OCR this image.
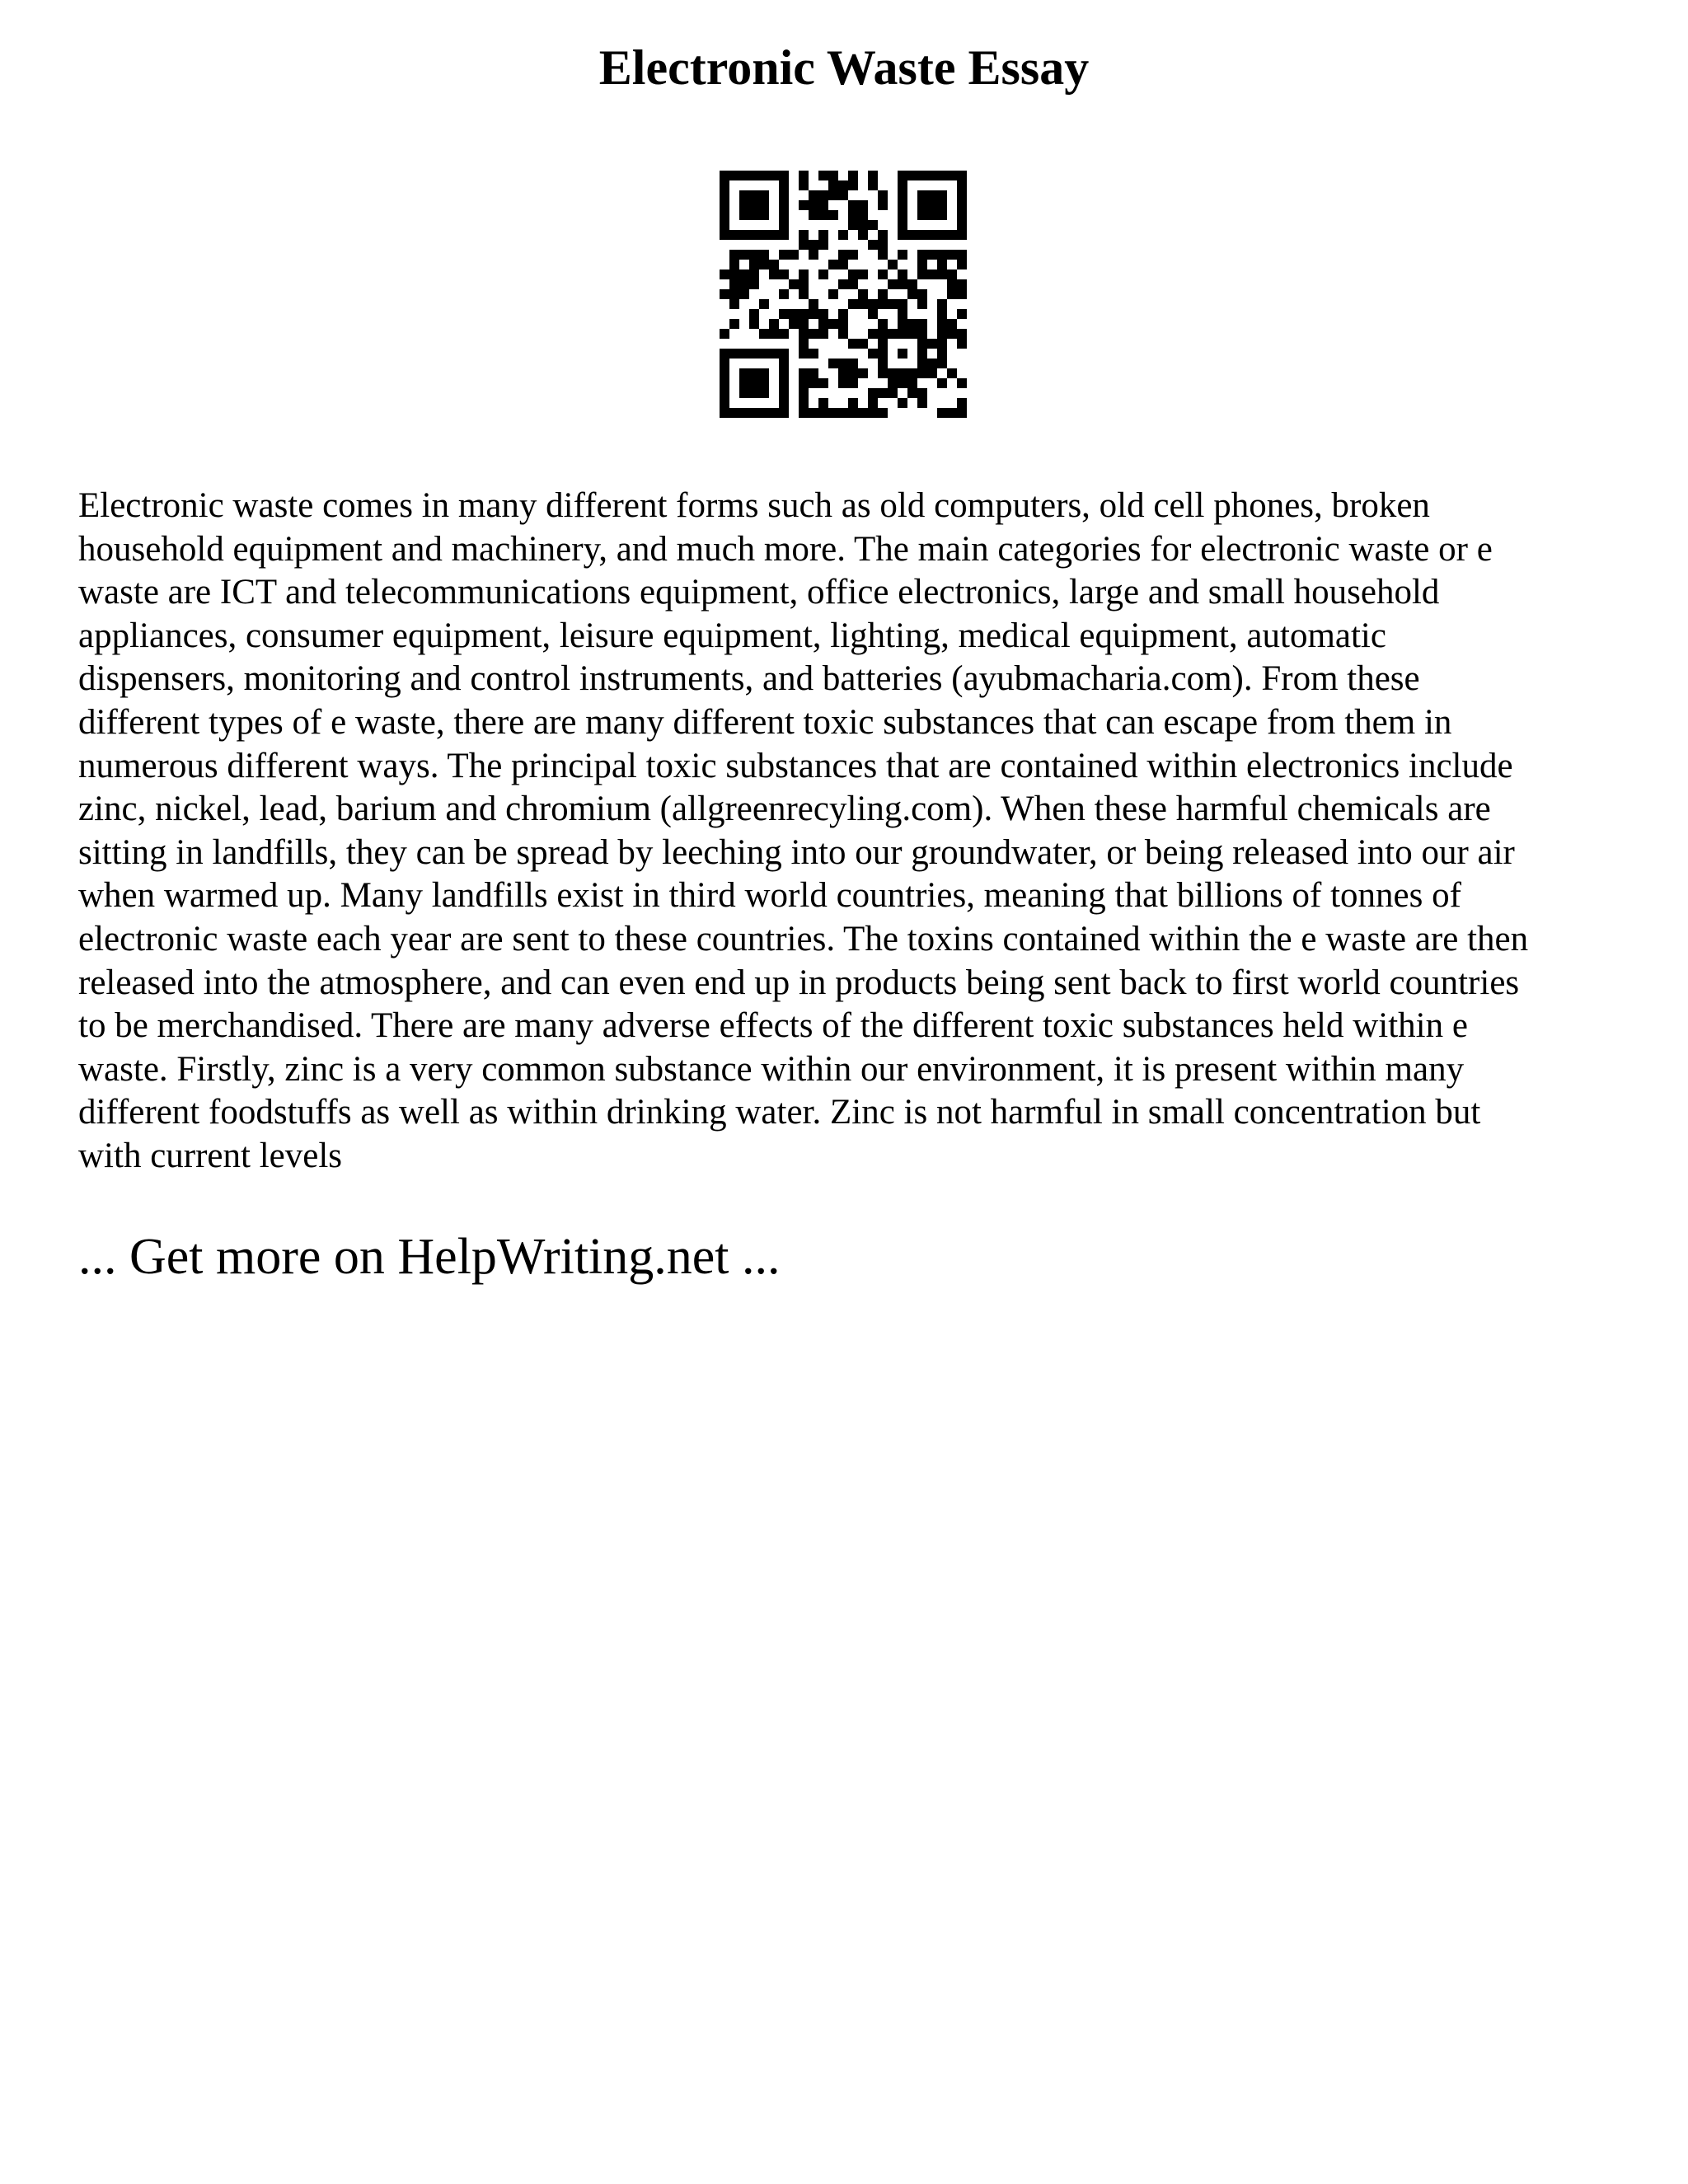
Electronic Waste Essay
Electronic waste comes in many different forms such as old computers, old cell phones, broken
household equipment and machinery, and much more. The main categories for electronic waste or e
waste are ICT and telecommunications equipment, office electronics, large and small household
appliances, consumer equipment, leisure equipment, lighting, medical equipment, automatic
dispensers, monitoring and control instruments, and batteries (ayubmacharia.com). From these
different types of e waste, there are many different toxic substances that can escape from them in
numerous different ways. The principal toxic substances that are contained within electronics include
zinc, nickel, lead, barium and chromium (allgreenrecyling.com). When these harmful chemicals are
sitting in landfills, they can be spread by leeching into our groundwater, or being released into our air
when warmed up. Many landfills exist in third world countries, meaning that billions of tonnes of
electronic waste each year are sent to these countries. The toxins contained within the e waste are then
released into the atmosphere, and can even end up in products being sent back to first world countries
to be merchandised. There are many adverse effects of the different toxic substances held within e
waste. Firstly, zinc is a very common substance within our environment, it is present within many
different foodstuffs as well as within drinking water. Zinc is not harmful in small concentration but
with current levels
... Get more on HelpWriting.net ...
